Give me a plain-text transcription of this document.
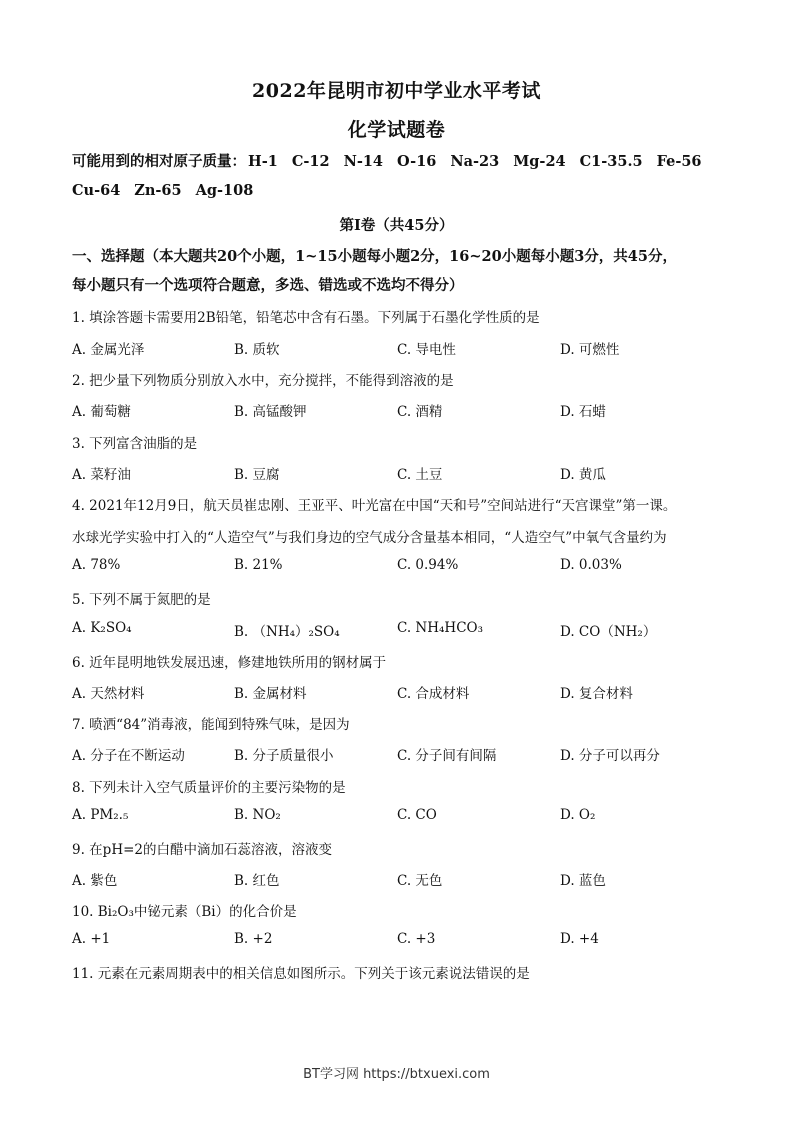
2022年昆明市初中学业水平考试
化学试题卷
可能用到的相对原子质量： H-1 C-12 N-14 O-16 Na-23 Mg-24 C1-35.5 Fe-56
Cu-64 Zn-65 Ag-108
第Ⅰ卷（共45分）
一、选择题（本大题共20个小题，1~15小题每小题2分，16~20小题每小题3分，共45分，
每小题只有一个选项符合题意，多选、错选或不选均不得分）
1. 填涂答题卡需要用2B铅笔，铅笔芯中含有石墨。下列属于石墨化学性质的是
A. 金属光泽	B. 质软	C. 导电性	D. 可燃性
2. 把少量下列物质分别放入水中，充分搅拌，不能得到溶液的是
A. 葡萄糖	B. 高锰酸钾	C. 酒精	D. 石蜡
3. 下列富含油脂的是
A. 菜籽油	B. 豆腐	C. 土豆	D. 黄瓜
4. 2021年12月9日，航天员崔忠刚、王亚平、叶光富在中国“天和号”空间站进行“天宫课堂”第一课。
水球光学实验中打入的“人造空气”与我们身边的空气成分含量基本相同，“人造空气”中氧气含量约为
A. 78%	B. 21%	C. 0.94%	D. 0.03%
5. 下列不属于氮肥的是
A. K₂SO₄	B. （NH₄）₂SO₄	C. NH₄HCO₃	D. CO（NH₂）
6. 近年昆明地铁发展迅速，修建地铁所用的钢材属于
A. 天然材料	B. 金属材料	C. 合成材料	D. 复合材料
7. 喷洒“84”消毒液，能闻到特殊气味，是因为
A. 分子在不断运动	B. 分子质量很小	C. 分子间有间隔	D. 分子可以再分
8. 下列未计入空气质量评价的主要污染物的是
A. PM₂.₅	B. NO₂	C. CO	D. O₂
9. 在pH=2的白醋中滴加石蕊溶液，溶液变
A. 紫色	B. 红色	C. 无色	D. 蓝色
10. Bi₂O₃中铋元素（Bi）的化合价是
A. +1	B. +2	C. +3	D. +4
11. 元素在元素周期表中的相关信息如图所示。下列关于该元素说法错误的是
BT学习网 https://btxuexi.com
